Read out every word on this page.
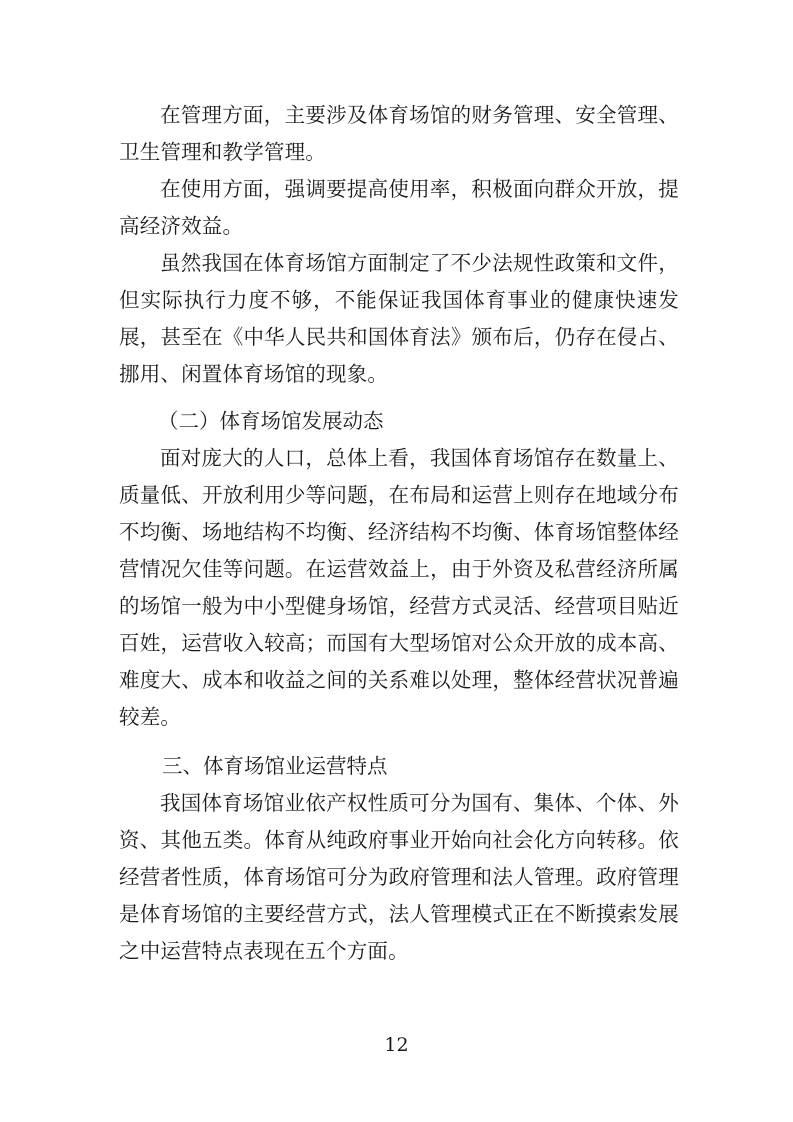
在管理方面，主要涉及体育场馆的财务管理、安全管理、卫生管理和教学管理。

在使用方面，强调要提高使用率，积极面向群众开放，提高经济效益。

虽然我国在体育场馆方面制定了不少法规性政策和文件，但实际执行力度不够，不能保证我国体育事业的健康快速发展，甚至在《中华人民共和国体育法》颁布后，仍存在侵占、挪用、闲置体育场馆的现象。

（二）体育场馆发展动态

面对庞大的人口，总体上看，我国体育场馆存在数量上、质量低、开放利用少等问题，在布局和运营上则存在地域分布不均衡、场地结构不均衡、经济结构不均衡、体育场馆整体经营情况欠佳等问题。在运营效益上，由于外资及私营经济所属的场馆一般为中小型健身场馆，经营方式灵活、经营项目贴近百姓，运营收入较高；而国有大型场馆对公众开放的成本高、难度大、成本和收益之间的关系难以处理，整体经营状况普遍较差。

三、体育场馆业运营特点

我国体育场馆业依产权性质可分为国有、集体、个体、外资、其他五类。体育从纯政府事业开始向社会化方向转移。依经营者性质，体育场馆可分为政府管理和法人管理。政府管理是体育场馆的主要经营方式，法人管理模式正在不断摸索发展之中运营特点表现在五个方面。

12
